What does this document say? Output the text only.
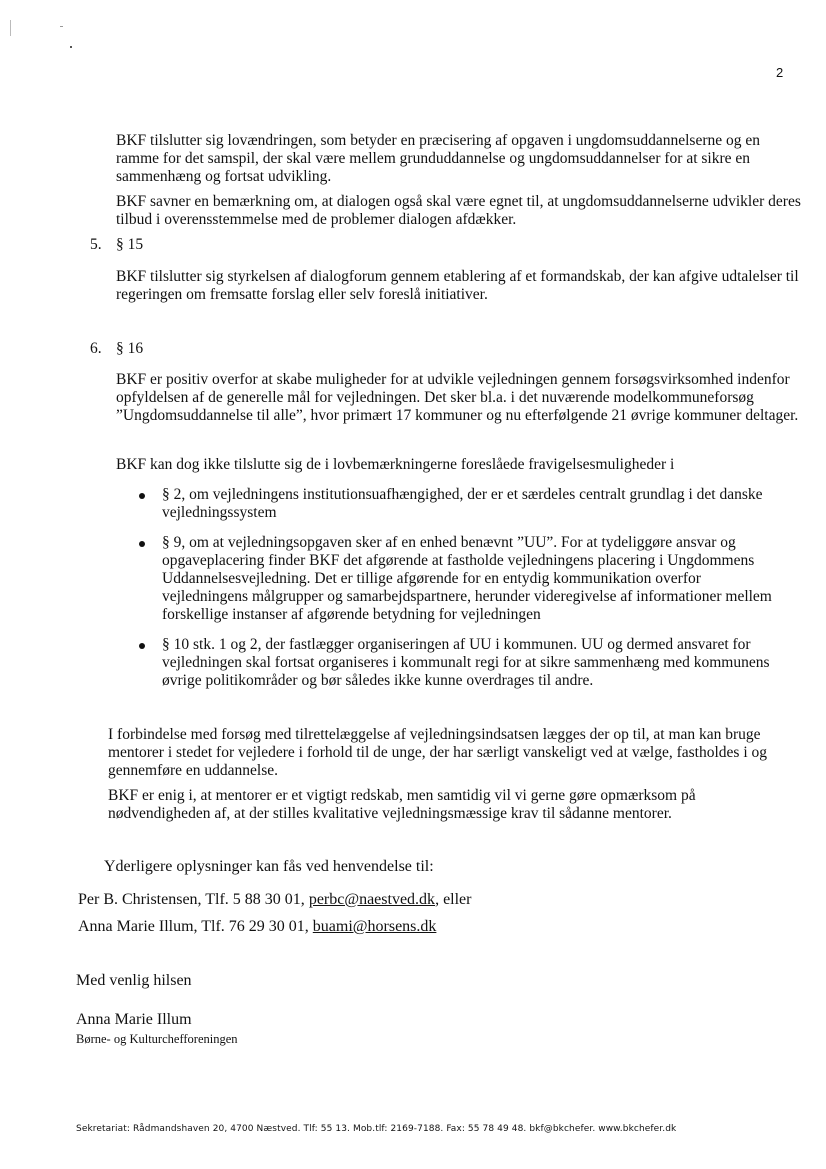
2
BKF tilslutter sig lovændringen, som betyder en præcisering af opgaven i ungdomsuddannelserne og en ramme for det samspil, der skal være mellem grunduddannelse og ungdomsuddannelser for at sikre en sammenhæng og fortsat udvikling.
BKF savner en bemærkning om, at dialogen også skal være egnet til, at ungdomsuddannelserne udvikler deres tilbud i overensstemmelse med de problemer dialogen afdækker.
5. § 15
BKF tilslutter sig styrkelsen af dialogforum gennem etablering af et formandskab, der kan afgive udtalelser til regeringen om fremsatte forslag eller selv foreslå initiativer.
6. § 16
BKF er positiv overfor at skabe muligheder for at udvikle vejledningen gennem forsøgsvirksomhed indenfor opfyldelsen af de generelle mål for vejledningen. Det sker bl.a. i det nuværende modelkommuneforsøg ”Ungdomsuddannelse til alle”, hvor primært 17 kommuner og nu efterfølgende 21 øvrige kommuner deltager.
BKF kan dog ikke tilslutte sig de i lovbemærkningerne foreslåede fravigelsesmuligheder i
§ 2, om vejledningens institutionsuafhængighed, der er et særdeles centralt grundlag i det danske vejledningssystem
§ 9, om at vejledningsopgaven sker af en enhed benævnt ”UU”. For at tydeliggøre ansvar og opgaveplacering finder BKF det afgørende at fastholde vejledningens placering i Ungdommens Uddannelsesvejledning. Det er tillige afgørende for en entydig kommunikation overfor vejledningens målgrupper og samarbejdspartnere, herunder videregivelse af informationer mellem forskellige instanser af afgørende betydning for vejledningen
§ 10 stk. 1 og 2, der fastlægger organiseringen af UU i kommunen. UU og dermed ansvaret for vejledningen skal fortsat organiseres i kommunalt regi for at sikre sammenhæng med kommunens øvrige politikområder og bør således ikke kunne overdrages til andre.
I forbindelse med forsøg med tilrettelæggelse af vejledningsindsatsen lægges der op til, at man kan bruge mentorer i stedet for vejledere i forhold til de unge, der har særligt vanskeligt ved at vælge, fastholdes i og gennemføre en uddannelse.
BKF er enig i, at mentorer er et vigtigt redskab, men samtidig vil vi gerne gøre opmærksom på nødvendigheden af, at der stilles kvalitative vejledningsmæssige krav til sådanne mentorer.
Yderligere oplysninger kan fås ved henvendelse til:
Per B. Christensen, Tlf. 5 88 30 01, perbc@naestved.dk, eller
Anna Marie Illum, Tlf. 76 29 30 01, buami@horsens.dk
Med venlig hilsen
Anna Marie Illum
Børne- og Kulturchefforeningen
Sekretariat: Rådmandshaven 20, 4700 Næstved. Tlf: 55 13. Mob.tlf: 2169-7188. Fax: 55 78 49 48. bkf@bkchefer. www.bkchefer.dk
